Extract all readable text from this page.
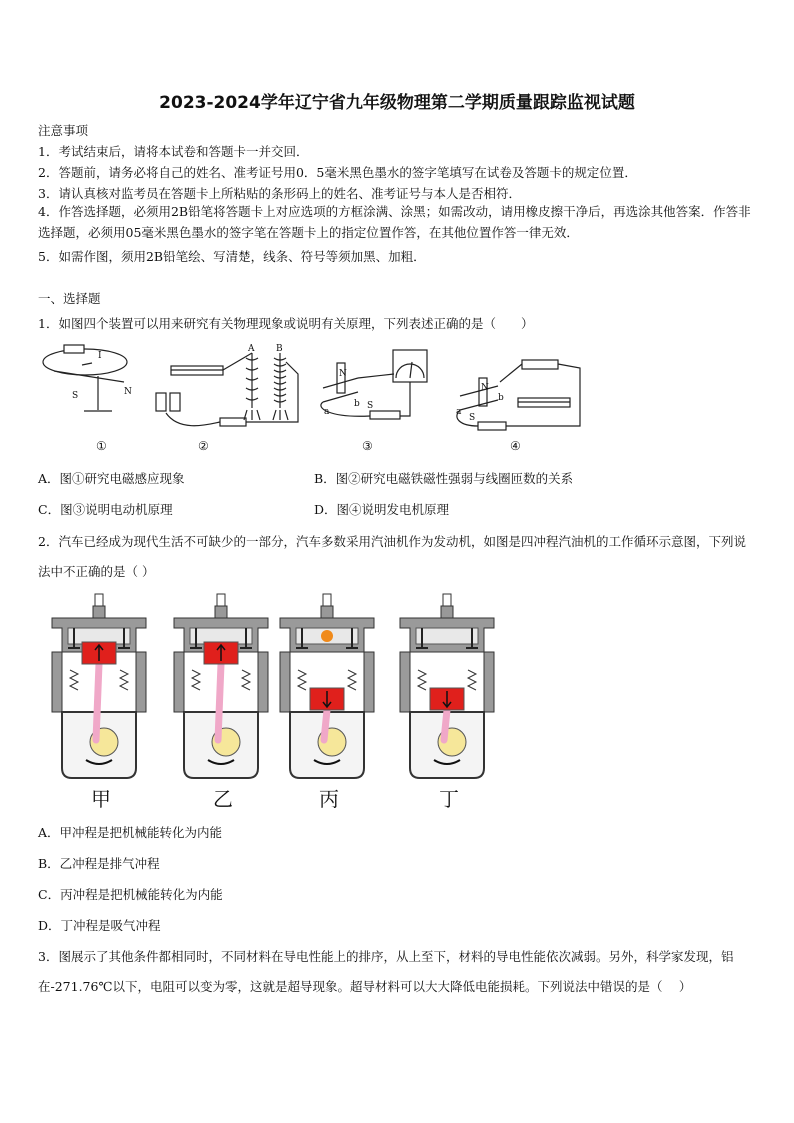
2023-2024学年辽宁省九年级物理第二学期质量跟踪监视试题
注意事项
1．考试结束后，请将本试卷和答题卡一并交回．
2．答题前，请务必将自己的姓名、准考证号用0．5毫米黑色墨水的签字笔填写在试卷及答题卡的规定位置．
3．请认真核对监考员在答题卡上所粘贴的条形码上的姓名、准考证号与本人是否相符．
4．作答选择题，必须用2B铅笔将答题卡上对应选项的方框涂满、涂黑；如需改动，请用橡皮擦干净后，再选涂其他答案．作答非选择题，必须用05毫米黑色墨水的签字笔在答题卡上的指定位置作答，在其他位置作答一律无效．
5．如需作图，须用2B铅笔绘、写清楚，线条、符号等须加黑、加粗．
一、选择题
1．如图四个装置可以用来研究有关物理现象或说明有关原理，下列表述正确的是（　　）
I
S	N
A B
N
a
b S
N
S
a
b
①	②	③	④
A．图①研究电磁感应现象	B．图②研究电磁铁磁性强弱与线圈匝数的关系
C．图③说明电动机原理	D．图④说明发电机原理
2．汽车已经成为现代生活不可缺少的一部分，汽车多数采用汽油机作为发动机，如图是四冲程汽油机的工作循环示意图，下列说法中不正确的是（ ）
甲	乙	丙	丁
A．甲冲程是把机械能转化为内能
B．乙冲程是排气冲程
C．丙冲程是把机械能转化为内能
D．丁冲程是吸气冲程
3．图展示了其他条件都相同时，不同材料在导电性能上的排序，从上至下，材料的导电性能依次减弱。另外，科学家发现，铝在-271.76℃以下，电阻可以变为零，这就是超导现象。超导材料可以大大降低电能损耗。下列说法中错误的是（　 ）
